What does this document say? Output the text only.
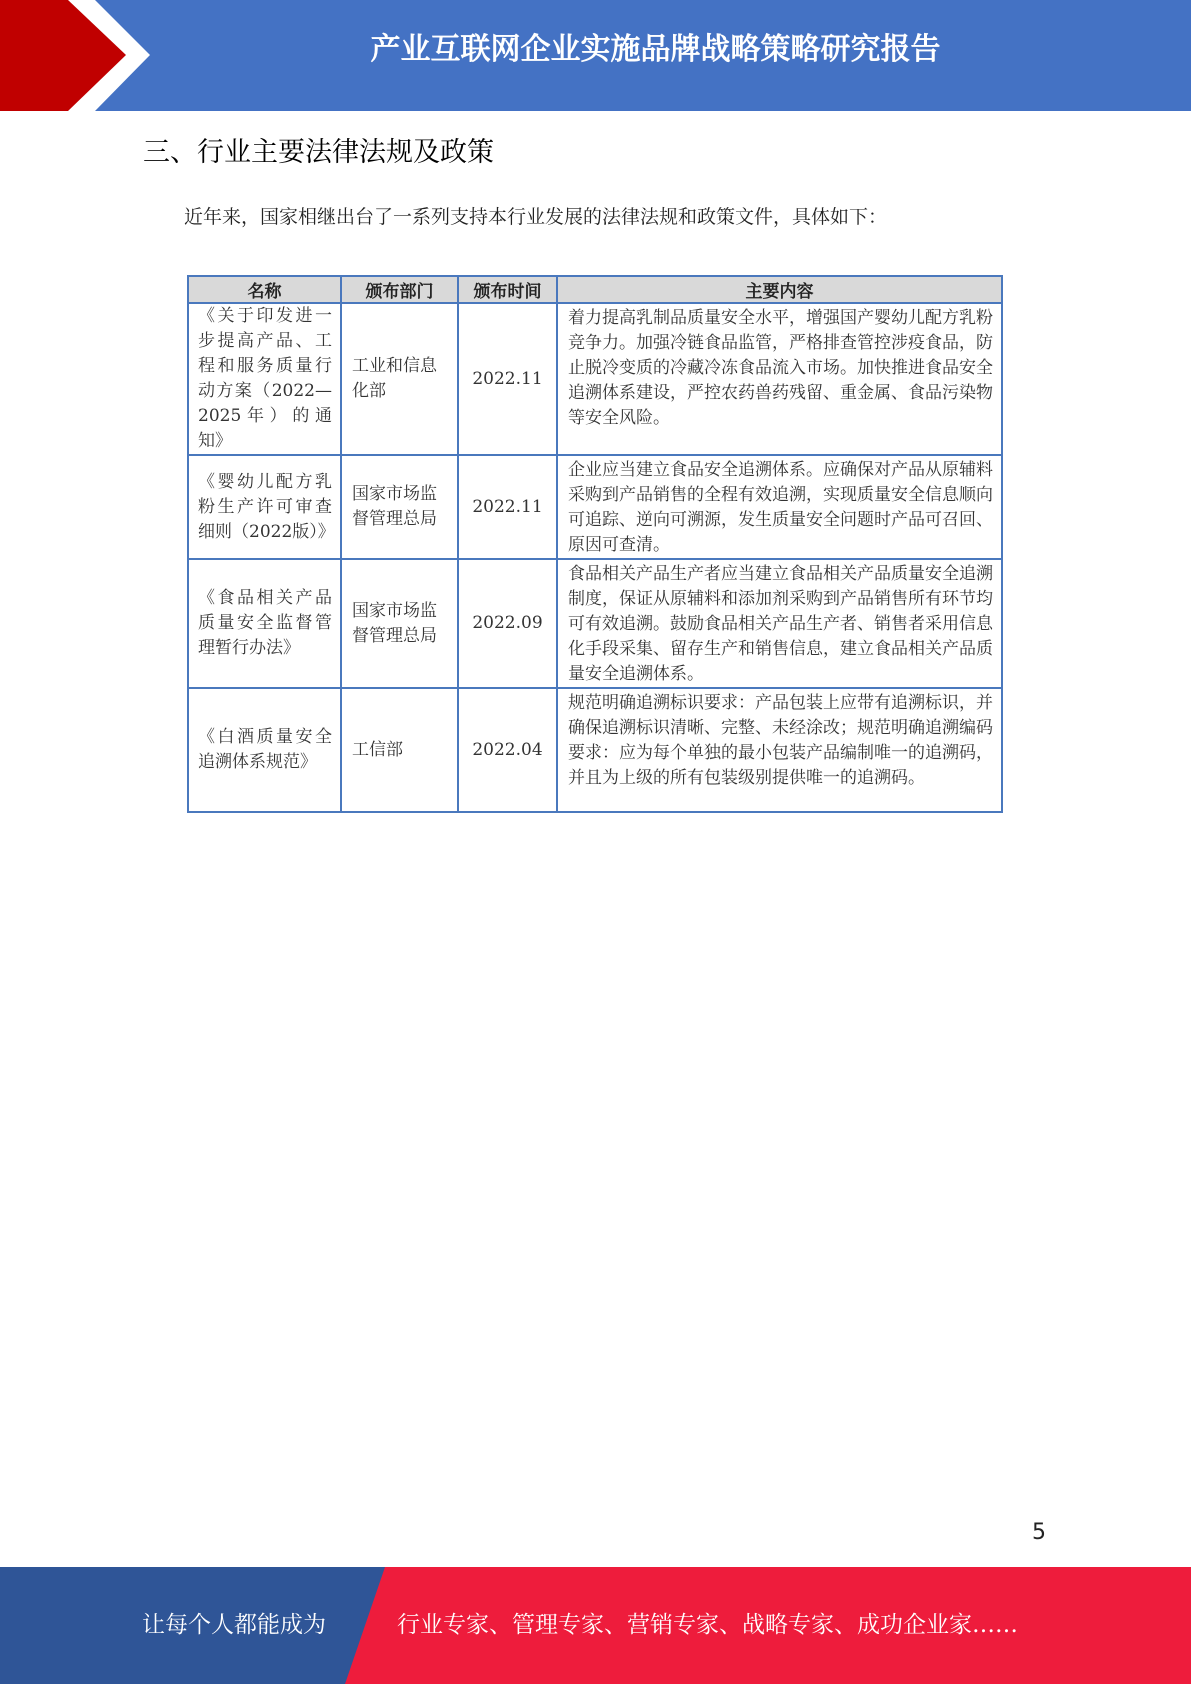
产业互联网企业实施品牌战略策略研究报告
三、行业主要法律法规及政策
近年来，国家相继出台了一系列支持本行业发展的法律法规和政策文件，具体如下：
名称	颁布部门	颁布时间	主要内容
《关于印发进一步提高产品、工程和服务质量行动方案（2022—2025年）的通知》	工业和信息化部	2022.11	着力提高乳制品质量安全水平，增强国产婴幼儿配方乳粉竞争力。加强冷链食品监管，严格排查管控涉疫食品，防止脱冷变质的冷藏冷冻食品流入市场。加快推进食品安全追溯体系建设，严控农药兽药残留、重金属、食品污染物等安全风险。

《婴幼儿配方乳粉生产许可审查细则（2022版）》	国家市场监督管理总局	2022.11	企业应当建立食品安全追溯体系。应确保对产品从原辅料采购到产品销售的全程有效追溯，实现质量安全信息顺向可追踪、逆向可溯源，发生质量安全问题时产品可召回、原因可查清。

《食品相关产品质量安全监督管理暂行办法》	国家市场监督管理总局	2022.09	食品相关产品生产者应当建立食品相关产品质量安全追溯制度，保证从原辅料和添加剂采购到产品销售所有环节均可有效追溯。鼓励食品相关产品生产者、销售者采用信息化手段采集、留存生产和销售信息，建立食品相关产品质量安全追溯体系。

《白酒质量安全追溯体系规范》	工信部	2022.04	规范明确追溯标识要求：产品包装上应带有追溯标识，并确保追溯标识清晰、完整、未经涂改；规范明确追溯编码要求：应为每个单独的最小包装产品编制唯一的追溯码，并且为上级的所有包装级别提供唯一的追溯码。
5
让每个人都能成为	行业专家、管理专家、营销专家、战略专家、成功企业家……
